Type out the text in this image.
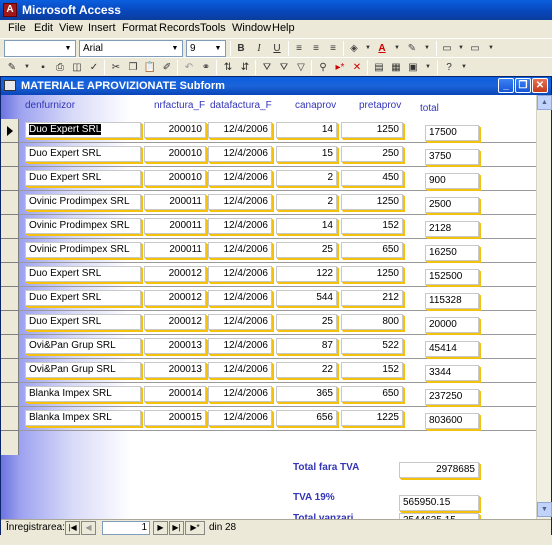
A Microsoft Access
File Edit View Insert Format Records Tools Window Help
▼	Arial	▼	9	▼	B	I	U	≡	≡	≡	◈	▼ A	▼ ✎	▼	▭	▼ ▭	▼
✎	▼	▪	⎙ ◫ ✓	✂ ❐ 📋 ✐	↶ ⚭	⇅ ⇵	⛛ ⛛ ▽	⚲ ▸* ✕	▤ ▦ ▣	▼	?	▼
MATERIALE APROVIZIONATE Subform	_ ❐ ✕
denfurnizor	nrfactura_F datafactura_F canaprov pretaprov total
Total fara TVA	2978685
TVA 19%	565950.15
Duo Expert SRL	200010	12/4/2006	14	1250	17500
Duo Expert SRL	200010	12/4/2006	15	250	3750
Duo Expert SRL	200010	12/4/2006	2	450	900
Ovinic Prodimpex SRL	200011	12/4/2006	2	1250	2500
Ovinic Prodimpex SRL	200011	12/4/2006	14	152	2128
Ovinic Prodimpex SRL	200011	12/4/2006	25	650	16250
Duo Expert SRL	200012	12/4/2006	122	1250	152500
Duo Expert SRL	200012	12/4/2006	544	212	115328
Duo Expert SRL	200012	12/4/2006	25	800	20000
Ovi&Pan Grup SRL	200013	12/4/2006	87	522	45414
Ovi&Pan Grup SRL	200013	12/4/2006	22	152	3344
Blanka Impex SRL	200014	12/4/2006	365	650	237250
Blanka Impex SRL	200015	12/4/2006	656	1225	803600
▲
▼
Înregistrarea: |◀	◀	1	▶	▶|	▶* din 28
